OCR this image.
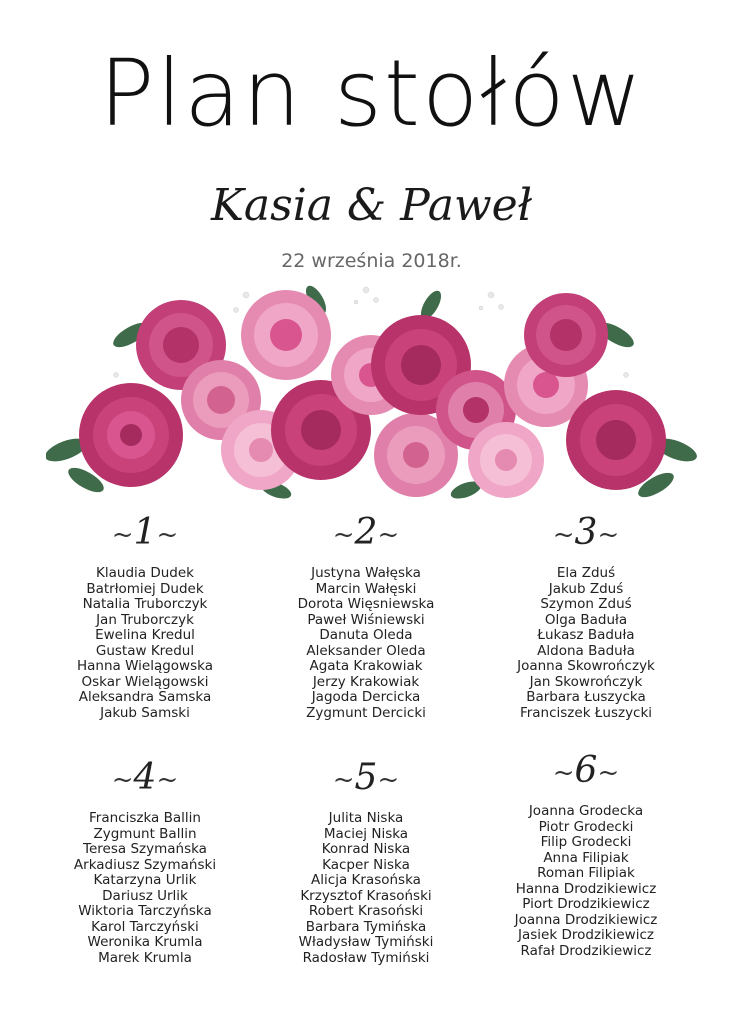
Plan stołów
Kasia & Paweł
22 września 2018r.
~1~
Klaudia Dudek
Batrłomiej Dudek
Natalia Truborczyk
Jan Truborczyk
Ewelina Kredul
Gustaw Kredul
Hanna Wielągowska
Oskar Wielągowski
Aleksandra Samska
Jakub Samski
~2~
Justyna Wałęska
Marcin Wałęski
Dorota Więsniewska
Paweł Wiśniewski
Danuta Oleda
Aleksander Oleda
Agata Krakowiak
Jerzy Krakowiak
Jagoda Dercicka
Zygmunt Dercicki
~3~
Ela Zduś
Jakub Zduś
Szymon Zduś
Olga Baduła
Łukasz Baduła
Aldona Baduła
Joanna Skowrończyk
Jan Skowrończyk
Barbara Łuszycka
Franciszek Łuszycki
~4~
Franciszka Ballin
Zygmunt Ballin
Teresa Szymańska
Arkadiusz Szymański
Katarzyna Urlik
Dariusz Urlik
Wiktoria Tarczyńska
Karol Tarczyński
Weronika Krumla
Marek Krumla
~5~
Julita Niska
Maciej Niska
Konrad Niska
Kacper Niska
Alicja Krasońska
Krzysztof Krasoński
Robert Krasoński
Barbara Tymińska
Władysław Tymiński
Radosław Tymiński
~6~
Joanna Grodecka
Piotr Grodecki
Filip Grodecki
Anna Filipiak
Roman Filipiak
Hanna Drodzikiewicz
Piort Drodzikiewicz
Joanna Drodzikiewicz
Jasiek Drodzikiewicz
Rafał Drodzikiewicz
